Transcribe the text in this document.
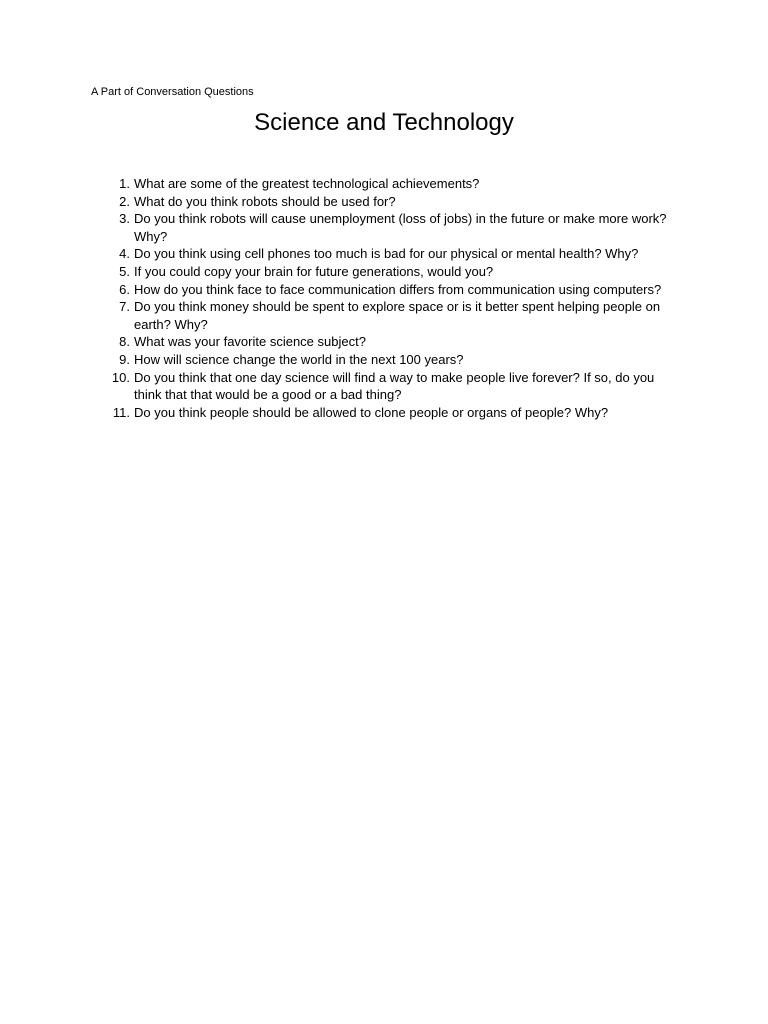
A Part of Conversation Questions
Science and Technology
1. What are some of the greatest technological achievements?
2. What do you think robots should be used for?
3. Do you think robots will cause unemployment (loss of jobs) in the future or make more work? Why?
4. Do you think using cell phones too much is bad for our physical or mental health? Why?
5. If you could copy your brain for future generations, would you?
6. How do you think face to face communication differs from communication using computers?
7. Do you think money should be spent to explore space or is it better spent helping people on earth? Why?
8. What was your favorite science subject?
9. How will science change the world in the next 100 years?
10. Do you think that one day science will find a way to make people live forever? If so, do you think that that would be a good or a bad thing?
11. Do you think people should be allowed to clone people or organs of people? Why?
